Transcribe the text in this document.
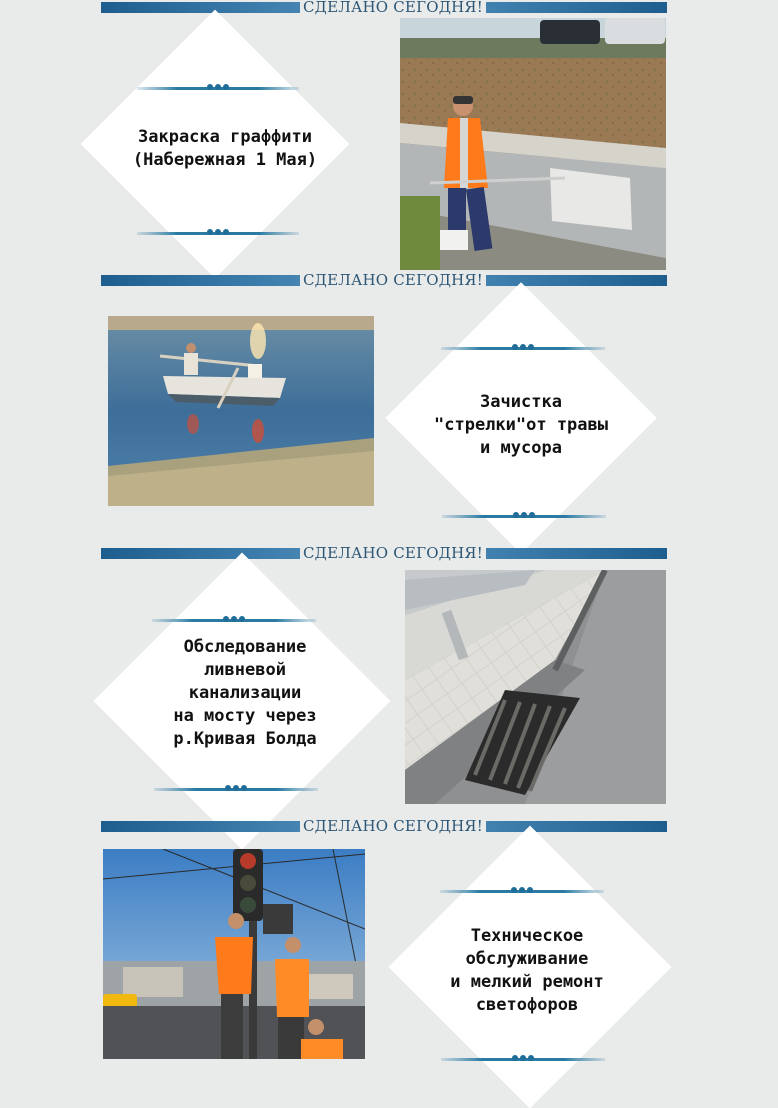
СДЕЛАНО СЕГОДНЯ!
Закраска граффити
(Набережная 1 Мая)
СДЕЛАНО СЕГОДНЯ!
Зачистка
"стрелки"от травы
и мусора
СДЕЛАНО СЕГОДНЯ!
Обследование
ливневой
канализации
на мосту через
р.Кривая Болда
СДЕЛАНО СЕГОДНЯ!
Техническое
обслуживание
и мелкий ремонт
светофоров
